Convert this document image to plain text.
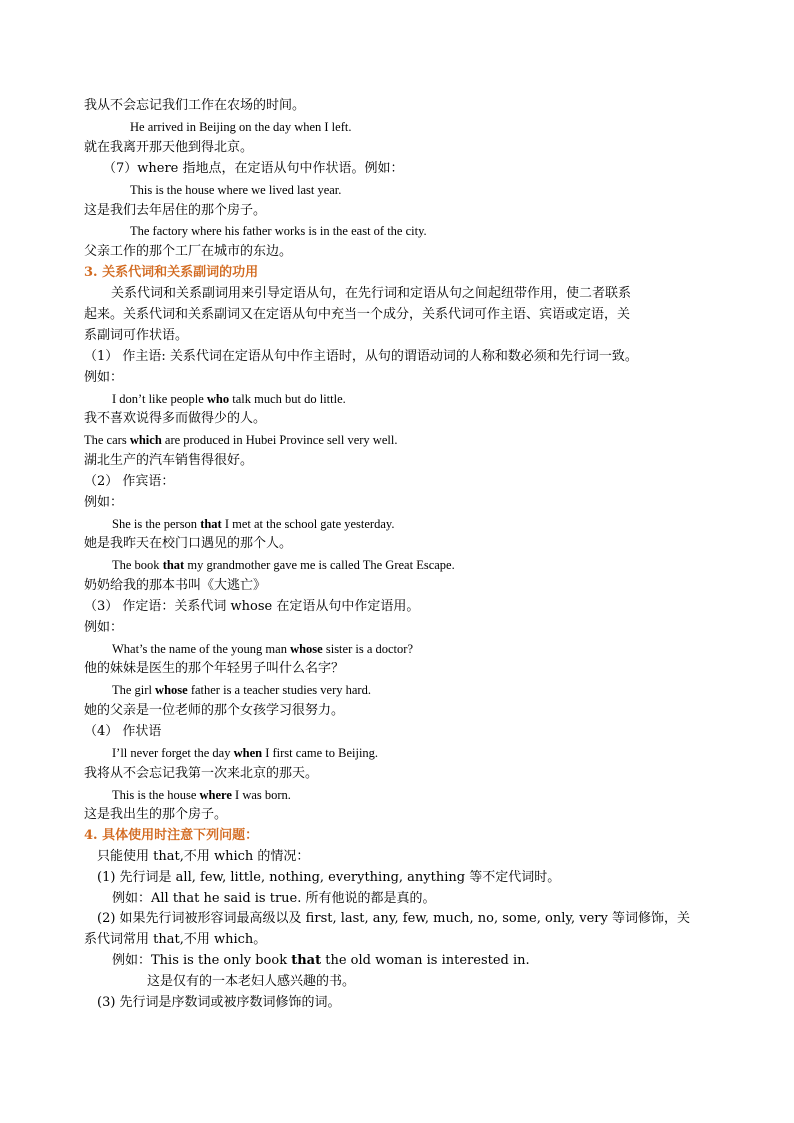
我从不会忘记我们工作在农场的时间。
He arrived in Beijing on the day when I left.
就在我离开那天他到得北京。
（7）where 指地点，在定语从句中作状语。例如：
This is the house where we lived last year.
这是我们去年居住的那个房子。
The factory where his father works is in the east of the city.
父亲工作的那个工厂在城市的东边。
3. 关系代词和关系副词的功用
关系代词和关系副词用来引导定语从句，在先行词和定语从句之间起纽带作用，使二者联系
起来。关系代词和关系副词又在定语从句中充当一个成分，关系代词可作主语、宾语或定语，关
系副词可作状语。
（1） 作主语: 关系代词在定语从句中作主语时，从句的谓语动词的人称和数必须和先行词一致。
例如：
I don’t like people who talk much but do little.
我不喜欢说得多而做得少的人。
The cars which are produced in Hubei Province sell very well.
湖北生产的汽车销售得很好。
（2） 作宾语：
例如：
She is the person that I met at the school gate yesterday.
她是我昨天在校门口遇见的那个人。
The book that my grandmother gave me is called The Great Escape.
奶奶给我的那本书叫《大逃亡》
（3） 作定语：关系代词 whose 在定语从句中作定语用。
例如：
What’s the name of the young man whose sister is a doctor?
他的妹妹是医生的那个年轻男子叫什么名字？
The girl whose father is a teacher studies very hard.
她的父亲是一位老师的那个女孩学习很努力。
（4） 作状语
I’ll never forget the day when I first came to Beijing.
我将从不会忘记我第一次来北京的那天。
This is the house where I was born.
这是我出生的那个房子。
4. 具体使用时注意下列问题：
只能使用 that,不用 which 的情况：
(1) 先行词是 all, few, little, nothing, everything, anything 等不定代词时。
例如：All that he said is true. 所有他说的都是真的。
(2) 如果先行词被形容词最高级以及 first, last, any, few, much, no, some, only, very 等词修饰，关
系代词常用 that,不用 which。
例如：This is the only book that the old woman is interested in.
这是仅有的一本老妇人感兴趣的书。
(3) 先行词是序数词或被序数词修饰的词。
